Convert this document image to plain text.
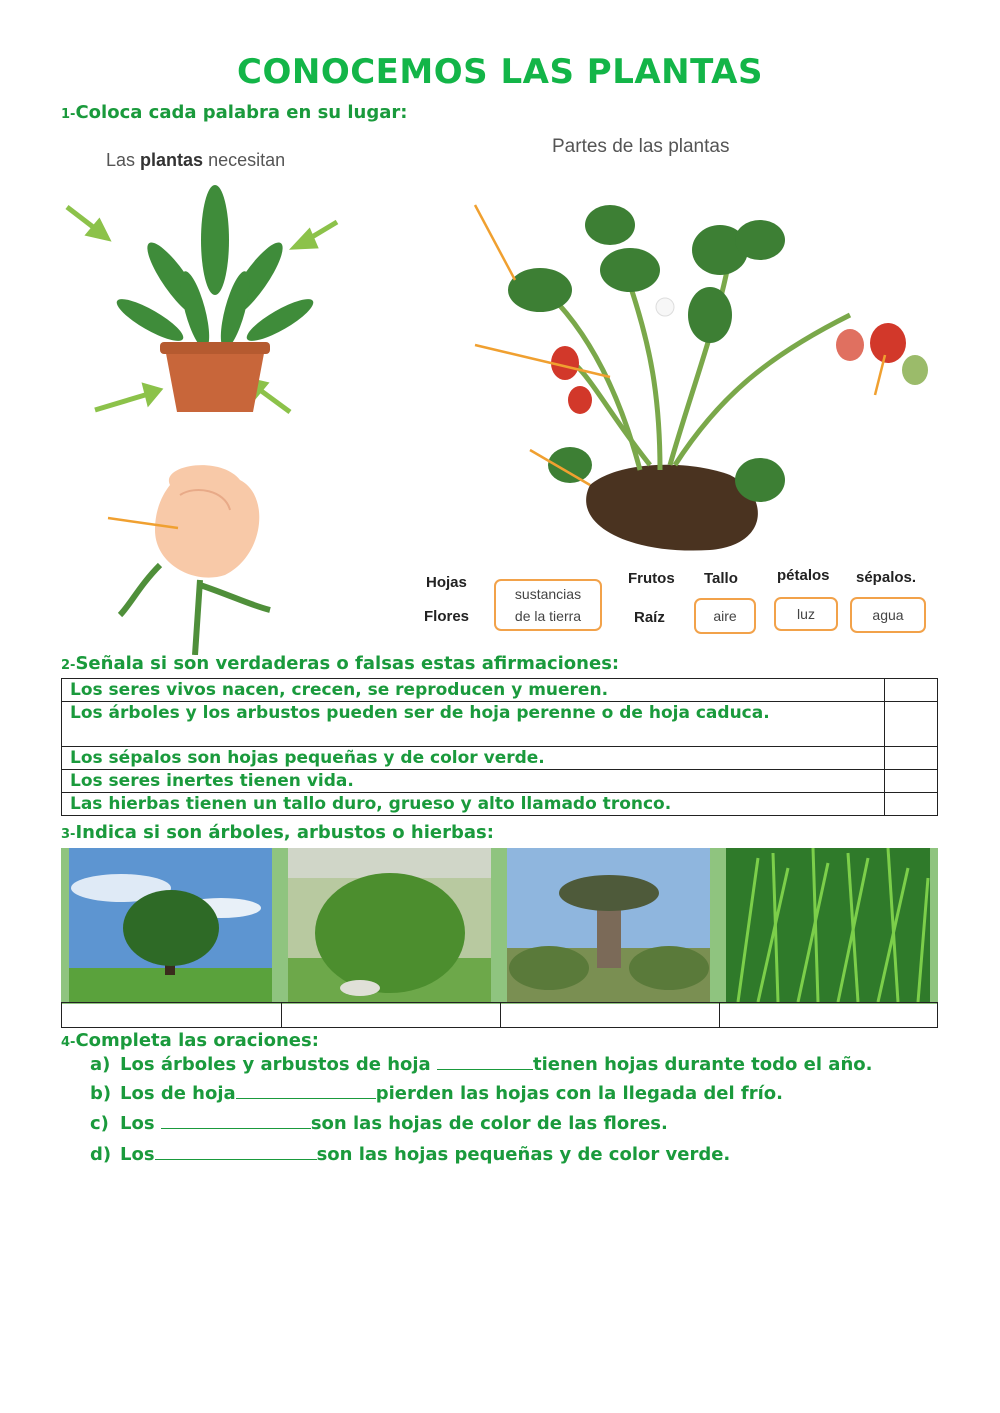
CONOCEMOS LAS PLANTAS
1-Coloca cada palabra en su lugar:
Las plantas necesitan
Partes de las plantas
Hojas
Flores
Frutos Tallo
Raíz
pétalos sépalos.
sustancias
de la tierra	aire	luz	agua
2-Señala si son verdaderas o falsas estas afirmaciones:
Los seres vivos nacen, crecen, se reproducen y mueren.	
Los árboles y los arbustos pueden ser de hoja perenne o de hoja caduca.	
Los sépalos son hojas pequeñas y de color verde.	
Los seres inertes tienen vida.	
Las hierbas tienen un tallo duro, grueso y alto llamado tronco.	
3-Indica si son árboles, arbustos o hierbas:
4-Completa las oraciones:
a) Los árboles y arbustos de hoja	tienen hojas durante todo el año.
b) Los de hoja	pierden las hojas con la llegada del frío.
c) Los	son las hojas de color de las flores.
d) Los	son las hojas pequeñas y de color verde.
